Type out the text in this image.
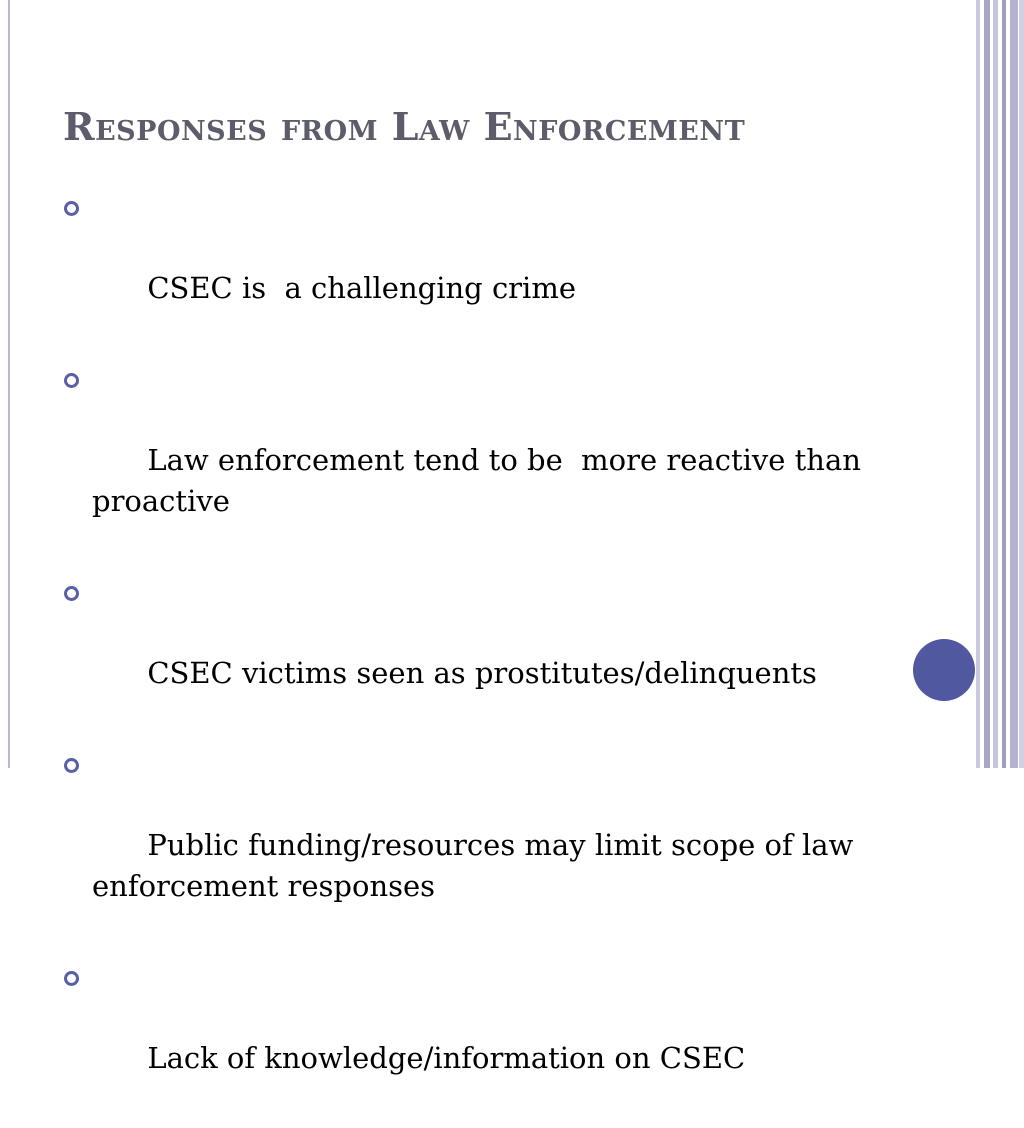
Responses from Law Enforcement

CSEC is  a challenging crime

Law enforcement tend to be  more reactive than proactive

CSEC victims seen as prostitutes/delinquents

Public funding/resources may limit scope of law enforcement responses

Lack of knowledge/information on CSEC
